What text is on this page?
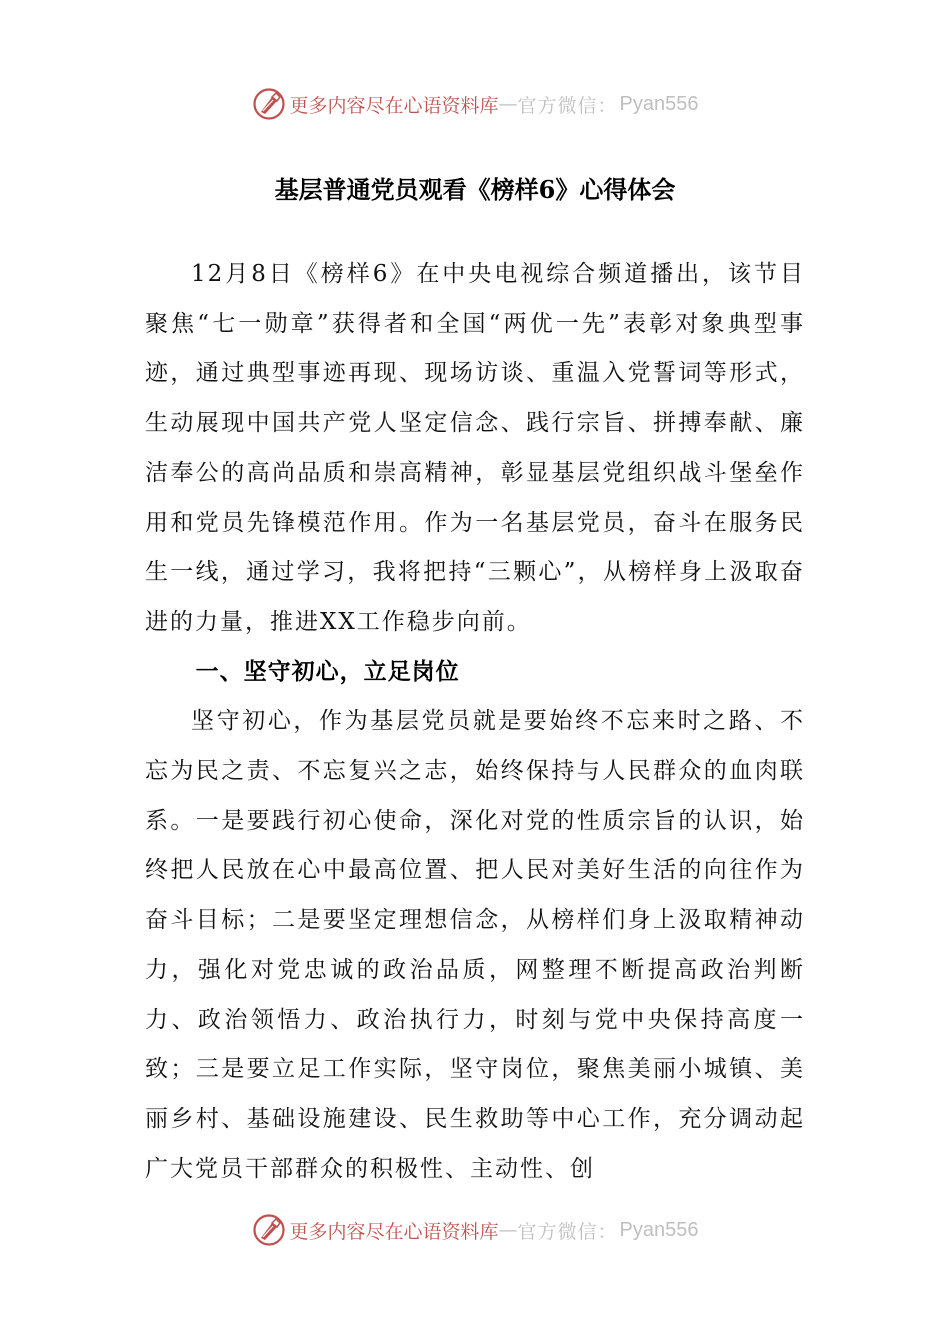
更多内容尽在心语资料库 — 官方微信： Pyan556
基层普通党员观看《榜样6》心得体会

12月8日《榜样6》在中央电视综合频道播出，该节目聚焦“七一勋章”获得者和全国“两优一先”表彰对象典型事迹，通过典型事迹再现、现场访谈、重温入党誓词等形式，生动展现中国共产党人坚定信念、践行宗旨、拼搏奉献、廉洁奉公的高尚品质和崇高精神，彰显基层党组织战斗堡垒作用和党员先锋模范作用。作为一名基层党员，奋斗在服务民生一线，通过学习，我将把持“三颗心”，从榜样身上汲取奋进的力量，推进XX工作稳步向前。

一、坚守初心，立足岗位

坚守初心，作为基层党员就是要始终不忘来时之路、不忘为民之责、不忘复兴之志，始终保持与人民群众的血肉联系。一是要践行初心使命，深化对党的性质宗旨的认识，始终把人民放在心中最高位置、把人民对美好生活的向往作为奋斗目标；二是要坚定理想信念，从榜样们身上汲取精神动力，强化对党忠诚的政治品质，网整理不断提高政治判断力、政治领悟力、政治执行力，时刻与党中央保持高度一致；三是要立足工作实际，坚守岗位，聚焦美丽小城镇、美丽乡村、基础设施建设、民生救助等中心工作，充分调动起广大党员干部群众的积极性、主动性、创

更多内容尽在心语资料库 — 官方微信： Pyan556
